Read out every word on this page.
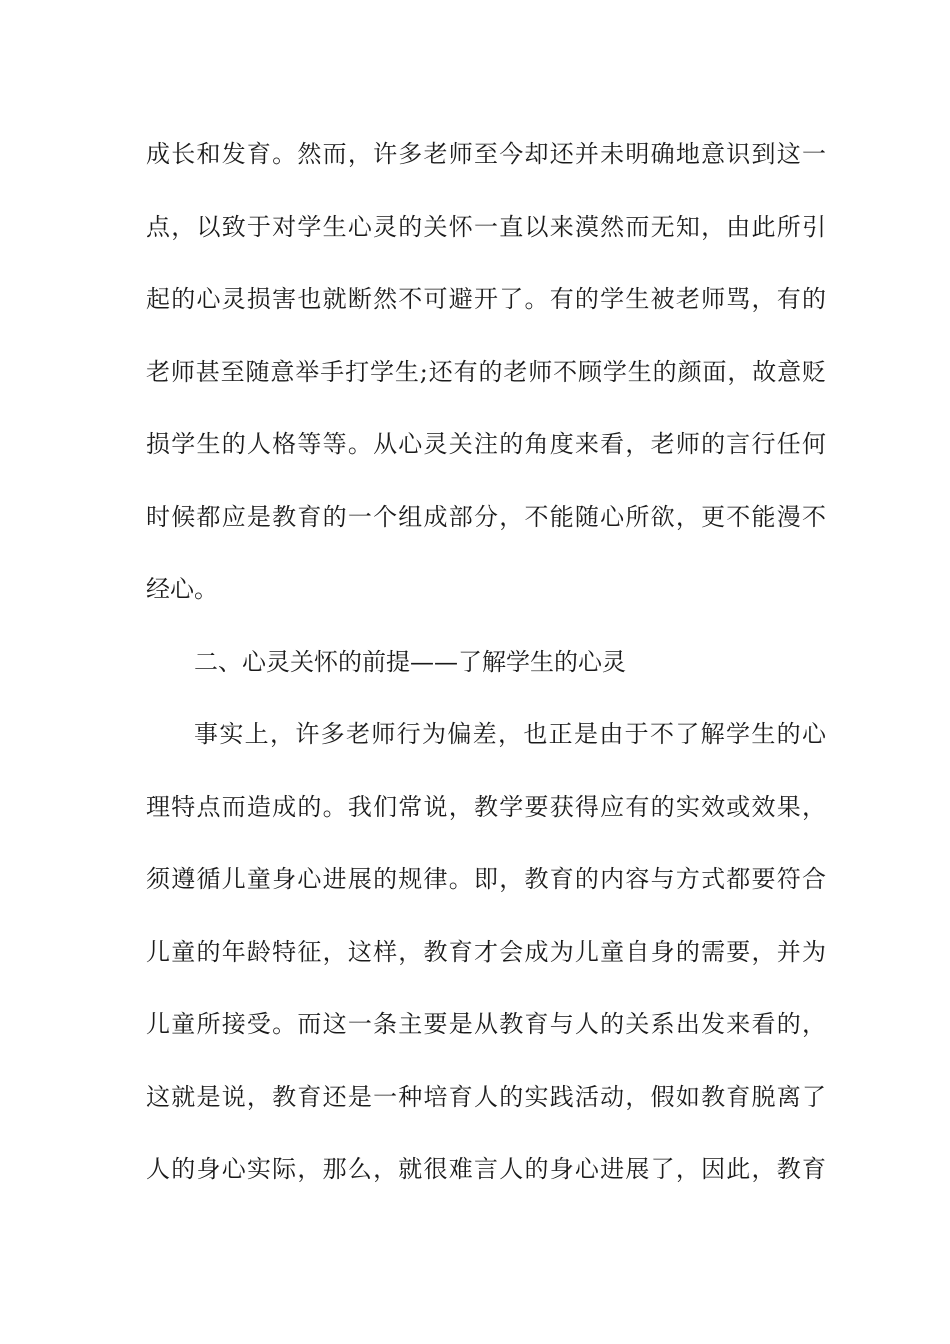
成长和发育。然而，许多老师至今却还并未明确地意识到这一
点，以致于对学生心灵的关怀一直以来漠然而无知，由此所引
起的心灵损害也就断然不可避开了。有的学生被老师骂，有的
老师甚至随意举手打学生;还有的老师不顾学生的颜面，故意贬
损学生的人格等等。从心灵关注的角度来看，老师的言行任何
时候都应是教育的一个组成部分，不能随心所欲，更不能漫不
经心。
二、心灵关怀的前提——了解学生的心灵
事实上，许多老师行为偏差，也正是由于不了解学生的心
理特点而造成的。我们常说，教学要获得应有的实效或效果，
须遵循儿童身心进展的规律。即，教育的内容与方式都要符合
儿童的年龄特征，这样，教育才会成为儿童自身的需要，并为
儿童所接受。而这一条主要是从教育与人的关系出发来看的，
这就是说，教育还是一种培育人的实践活动，假如教育脱离了
人的身心实际，那么，就很难言人的身心进展了，因此，教育
